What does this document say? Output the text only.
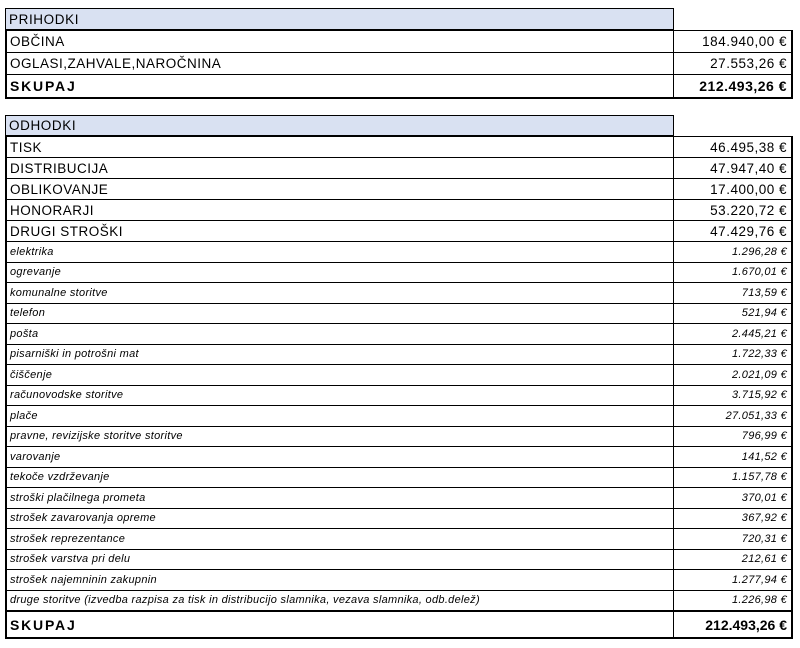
PRIHODKI
OBČINA	184.940,00 €
OGLASI,ZAHVALE,NAROČNINA	27.553,26 €
SKUPAJ	212.493,26 €
ODHODKI
TISK	46.495,38 €
DISTRIBUCIJA	47.947,40 €
OBLIKOVANJE	17.400,00 €
HONORARJI	53.220,72 €
DRUGI STROŠKI	47.429,76 €
elektrika	1.296,28 €
ogrevanje	1.670,01 €
komunalne storitve	713,59 €
telefon	521,94 €
pošta	2.445,21 €
pisarniški in potrošni mat	1.722,33 €
čiščenje	2.021,09 €
računovodske storitve	3.715,92 €
plače	27.051,33 €
pravne, revizijske storitve storitve	796,99 €
varovanje	141,52 €
tekoče vzdrževanje	1.157,78 €
stroški plačilnega prometa	370,01 €
strošek zavarovanja opreme	367,92 €
strošek reprezentance	720,31 €
strošek varstva pri delu	212,61 €
strošek najemninin zakupnin	1.277,94 €
druge storitve (izvedba razpisa za tisk in distribucijo slamnika, vezava slamnika, odb.delež)	1.226,98 €
SKUPAJ	212.493,26 €
